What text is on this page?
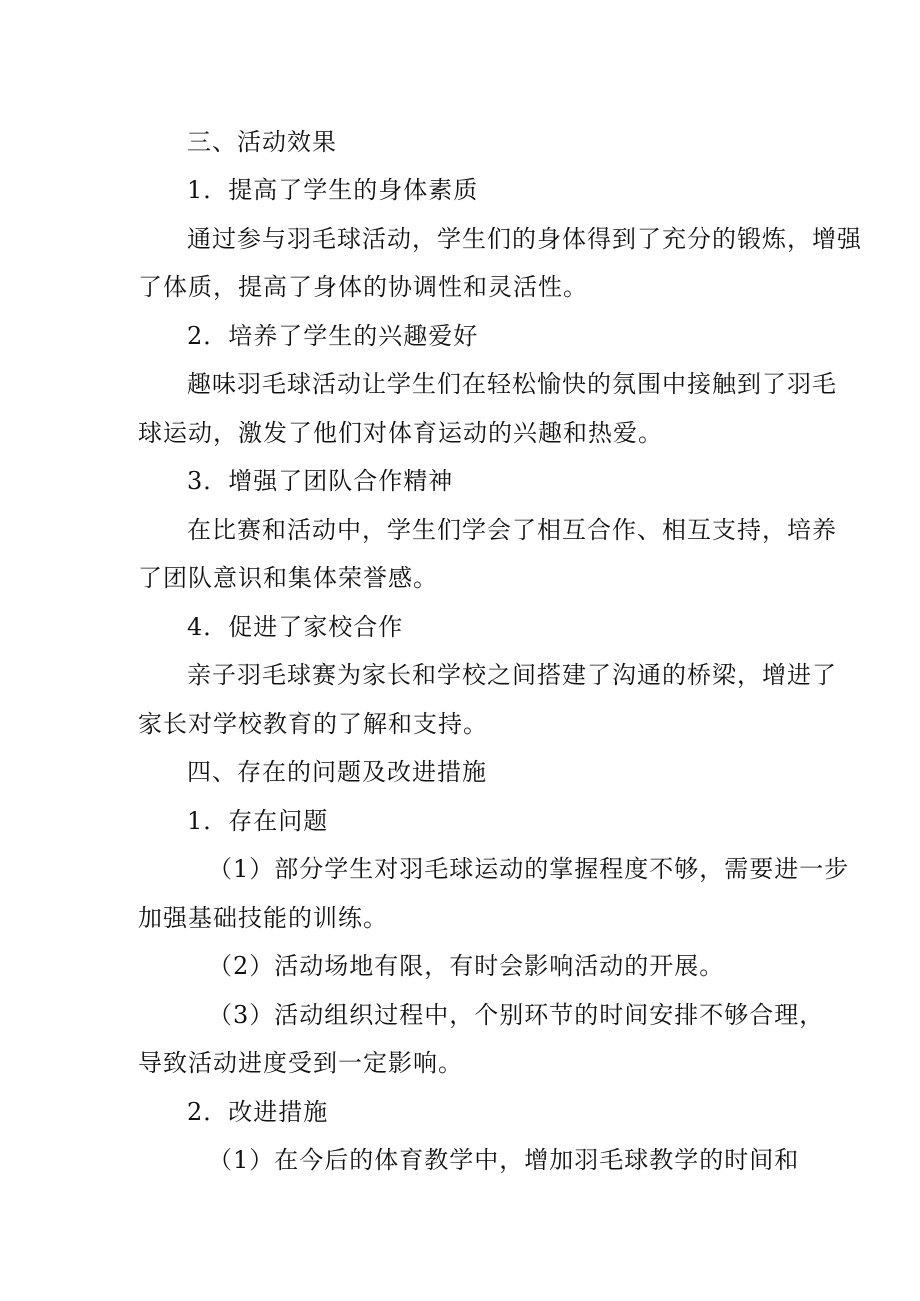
三、活动效果
1．提高了学生的身体素质
通过参与羽毛球活动，学生们的身体得到了充分的锻炼，增强
了体质，提高了身体的协调性和灵活性。
2．培养了学生的兴趣爱好
趣味羽毛球活动让学生们在轻松愉快的氛围中接触到了羽毛
球运动，激发了他们对体育运动的兴趣和热爱。
3．增强了团队合作精神
在比赛和活动中，学生们学会了相互合作、相互支持，培养
了团队意识和集体荣誉感。
4．促进了家校合作
亲子羽毛球赛为家长和学校之间搭建了沟通的桥梁，增进了
家长对学校教育的了解和支持。
四、存在的问题及改进措施
1．存在问题
（1）部分学生对羽毛球运动的掌握程度不够，需要进一步
加强基础技能的训练。
（2）活动场地有限，有时会影响活动的开展。
（3）活动组织过程中，个别环节的时间安排不够合理，
导致活动进度受到一定影响。
2．改进措施
（1）在今后的体育教学中，增加羽毛球教学的时间和
